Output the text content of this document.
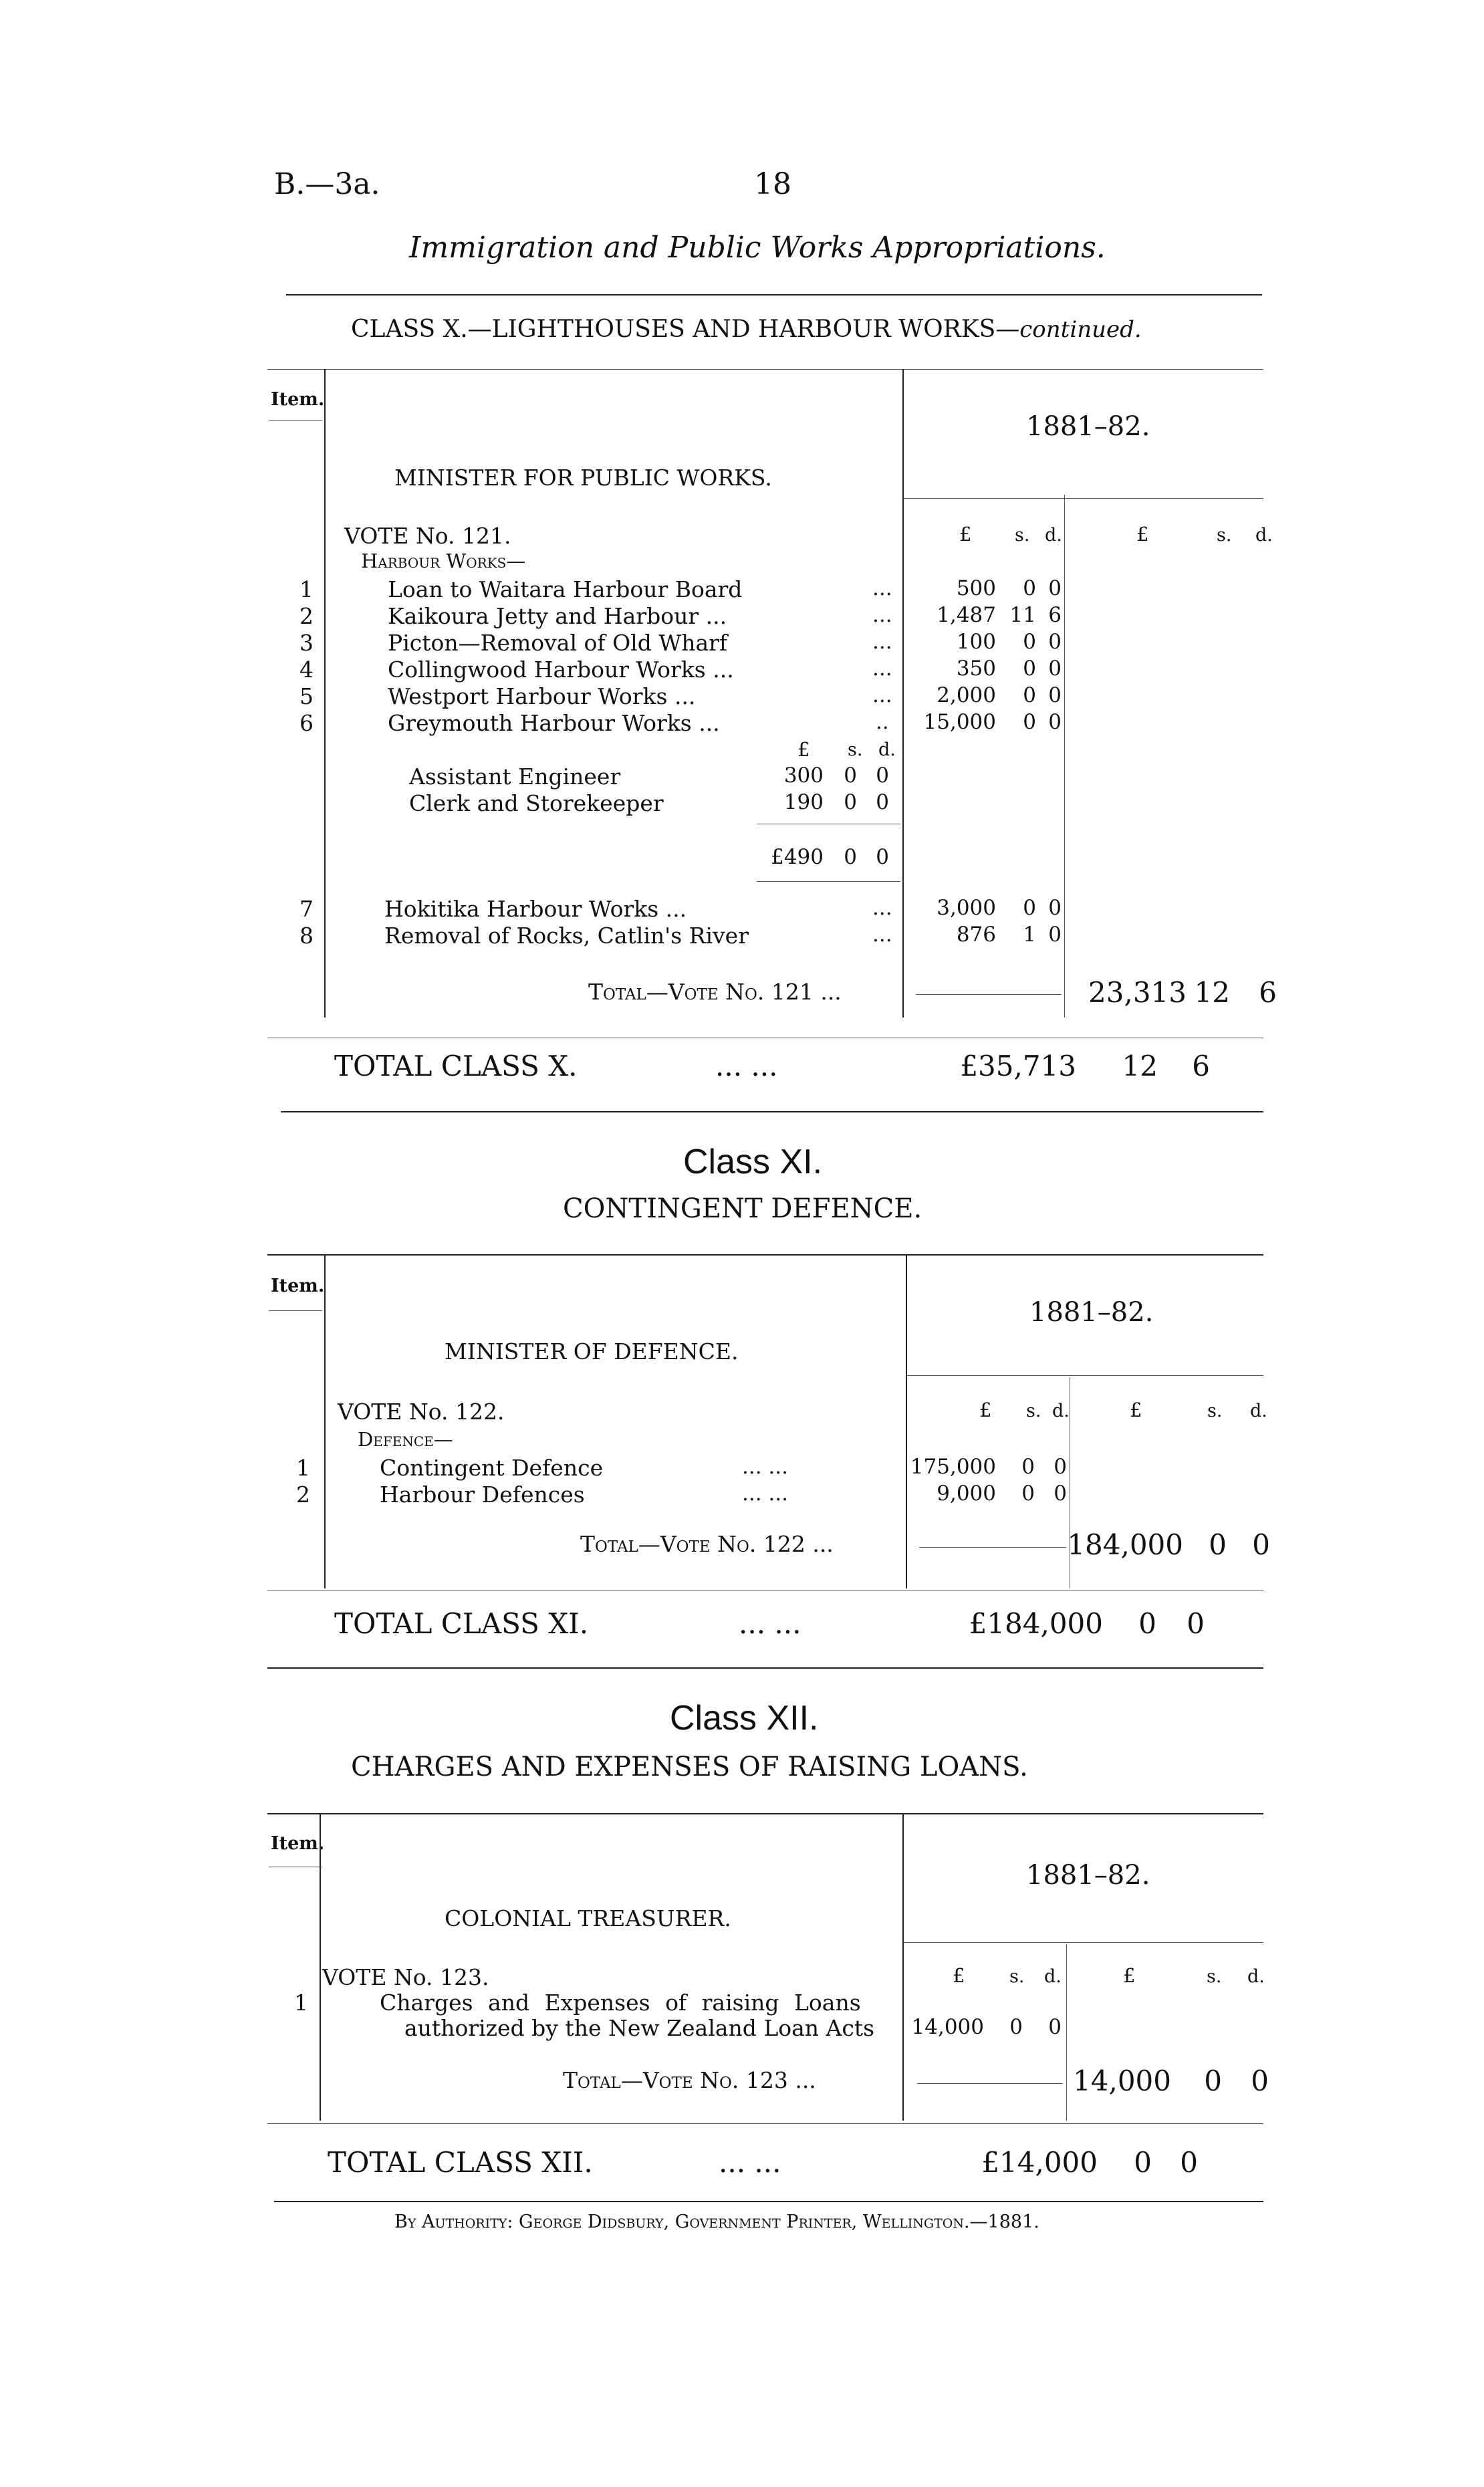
B.—3a.	18
Immigration and Public Works Appropriations.
CLASS X.—LIGHTHOUSES AND HARBOUR WORKS—continued.
Item.
1881–82.
MINISTER FOR PUBLIC WORKS.
VOTE No. 121.
Harbour Works—
£ s. d.	£	s. d.
1	Loan to Waitara Harbour Board	...	500 0 0
2	Kaikoura Jetty and Harbour ...	... 1,487 11 6
3	Picton—Removal of Old Wharf	...	100 0 0
4	Collingwood Harbour Works ...	...	350 0 0
5	Westport Harbour Works ...	... 2,000 0 0
6	Greymouth Harbour Works ...	.. 15,000 0 0
£ s. d.
Assistant Engineer	300 0 0
Clerk and Storekeeper	190 0 0
£490 0 0
7	Hokitika Harbour Works ...	... 3,000 0 0
8	Removal of Rocks, Catlin's River	...	876 1 0
Total—Vote No. 121 ...	23,313 12 6
TOTAL CLASS X.	... ...	£35,713 12 6
Class XI.
CONTINGENT DEFENCE.
Item.
1881–82.
MINISTER OF DEFENCE.
VOTE No. 122.
Defence—
£ s. d.	£	s. d.
1	Contingent Defence	... ...	175,000 0 0
2	Harbour Defences	... ...	9,000 0 0
Total—Vote No. 122 ...	184,000 0 0
TOTAL CLASS XI.	... ...	£184,000 0 0
Class XII.
CHARGES AND EXPENSES OF RAISING LOANS.
Item.
1881–82.
COLONIAL TREASURER.
VOTE No. 123.	£ s. d.	£	s. d.
1	Charges and Expenses of raising Loans
authorized by the New Zealand Loan Acts 14,000 0 0
Total—Vote No. 123 ...	14,000 0 0
TOTAL CLASS XII.	... ...	£14,000 0 0
By Authority: George Didsbury, Government Printer, Wellington.—1881.
